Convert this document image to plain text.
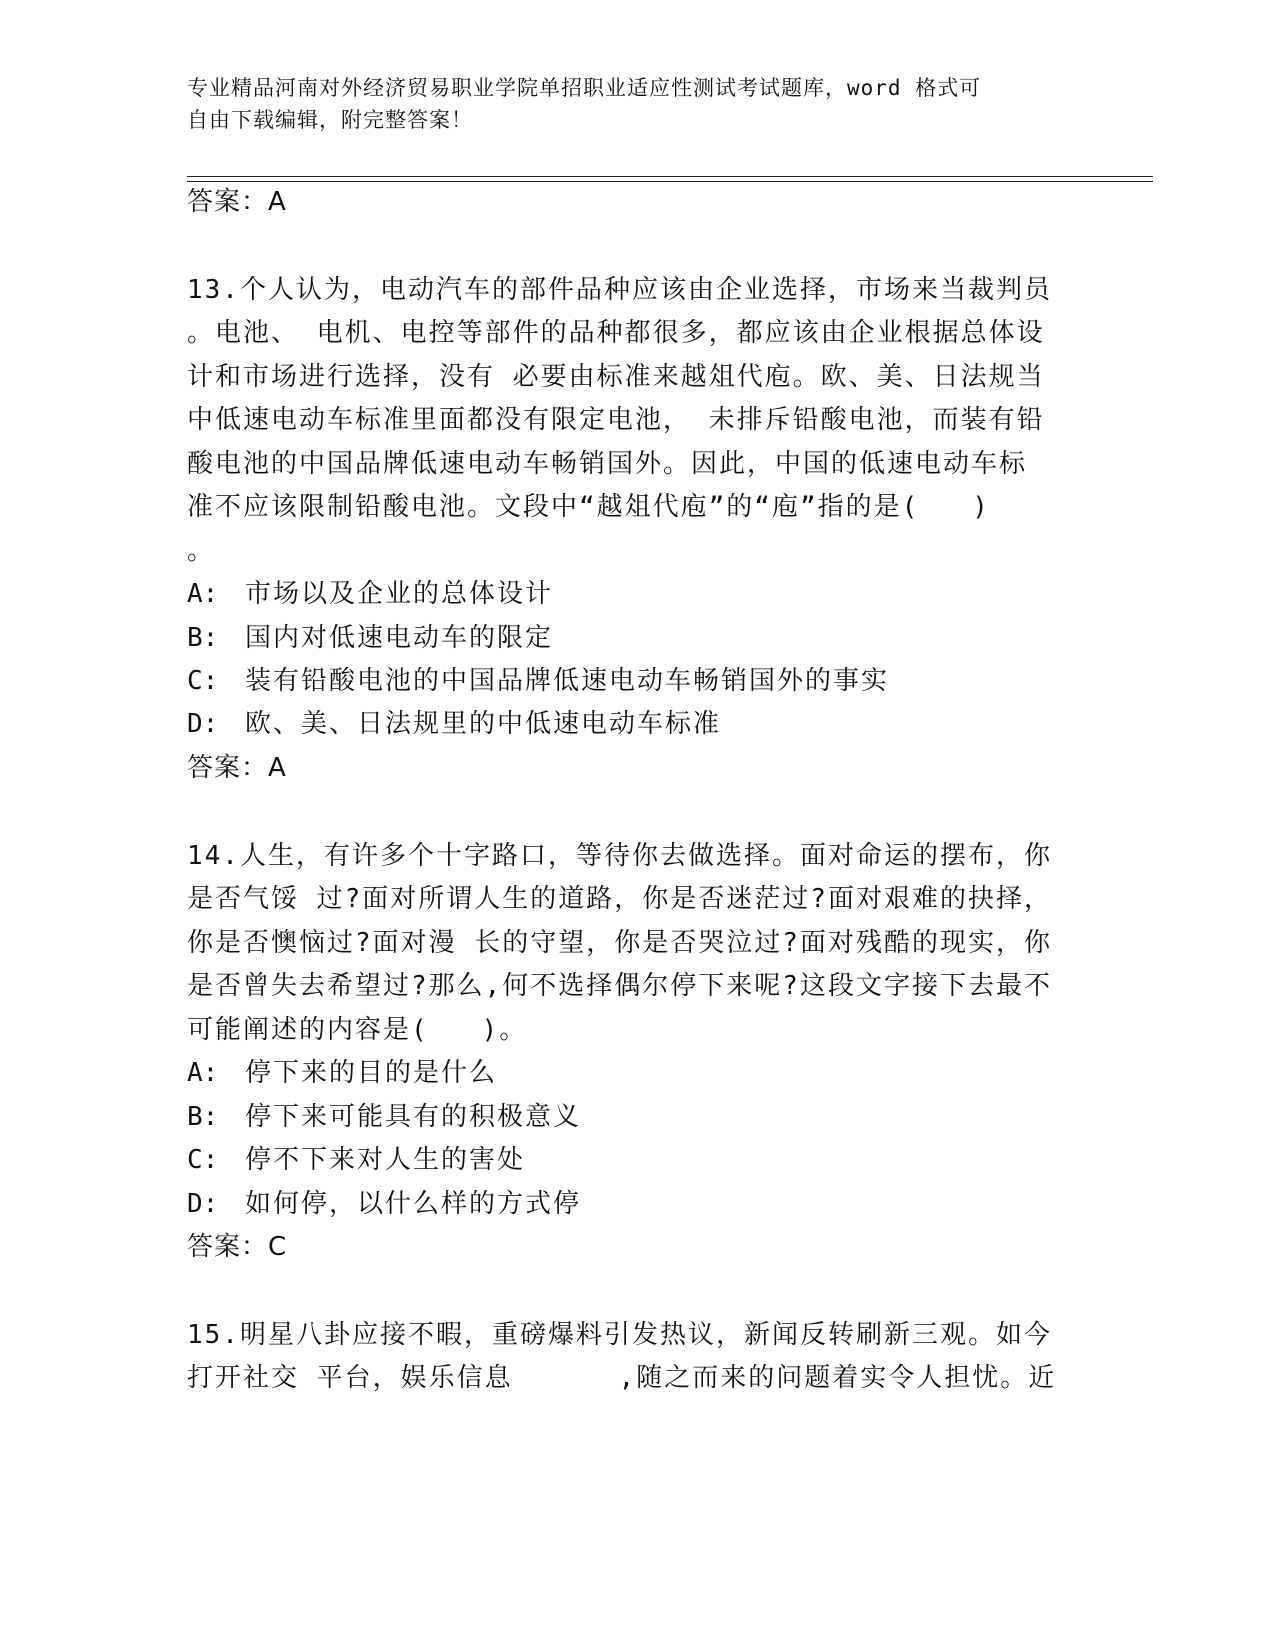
专业精品河南对外经济贸易职业学院单招职业适应性测试考试题库，word 格式可
自由下载编辑，附完整答案！
答案：A
13.个人认为，电动汽车的部件品种应该由企业选择，市场来当裁判员
。电池、 电机、电控等部件的品种都很多，都应该由企业根据总体设
计和市场进行选择，没有 必要由标准来越俎代庖。欧、美、日法规当
中低速电动车标准里面都没有限定电池， 未排斥铅酸电池，而装有铅
酸电池的中国品牌低速电动车畅销国外。因此，中国的低速电动车标
准不应该限制铅酸电池。文段中“越俎代庖”的“庖”指的是(   )
。
A: 市场以及企业的总体设计
B: 国内对低速电动车的限定
C: 装有铅酸电池的中国品牌低速电动车畅销国外的事实
D: 欧、美、日法规里的中低速电动车标准
答案：A
14.人生，有许多个十字路口，等待你去做选择。面对命运的摆布，你
是否气馁 过?面对所谓人生的道路，你是否迷茫过?面对艰难的抉择，
你是否懊恼过?面对漫 长的守望，你是否哭泣过?面对残酷的现实，你
是否曾失去希望过?那么,何不选择偶尔停下来呢?这段文字接下去最不
可能阐述的内容是(   )。
A: 停下来的目的是什么
B: 停下来可能具有的积极意义
C: 停不下来对人生的害处
D: 如何停，以什么样的方式停
答案：C
15.明星八卦应接不暇，重磅爆料引发热议，新闻反转刷新三观。如今
打开社交 平台，娱乐信息      ,随之而来的问题着实令人担忧。近
